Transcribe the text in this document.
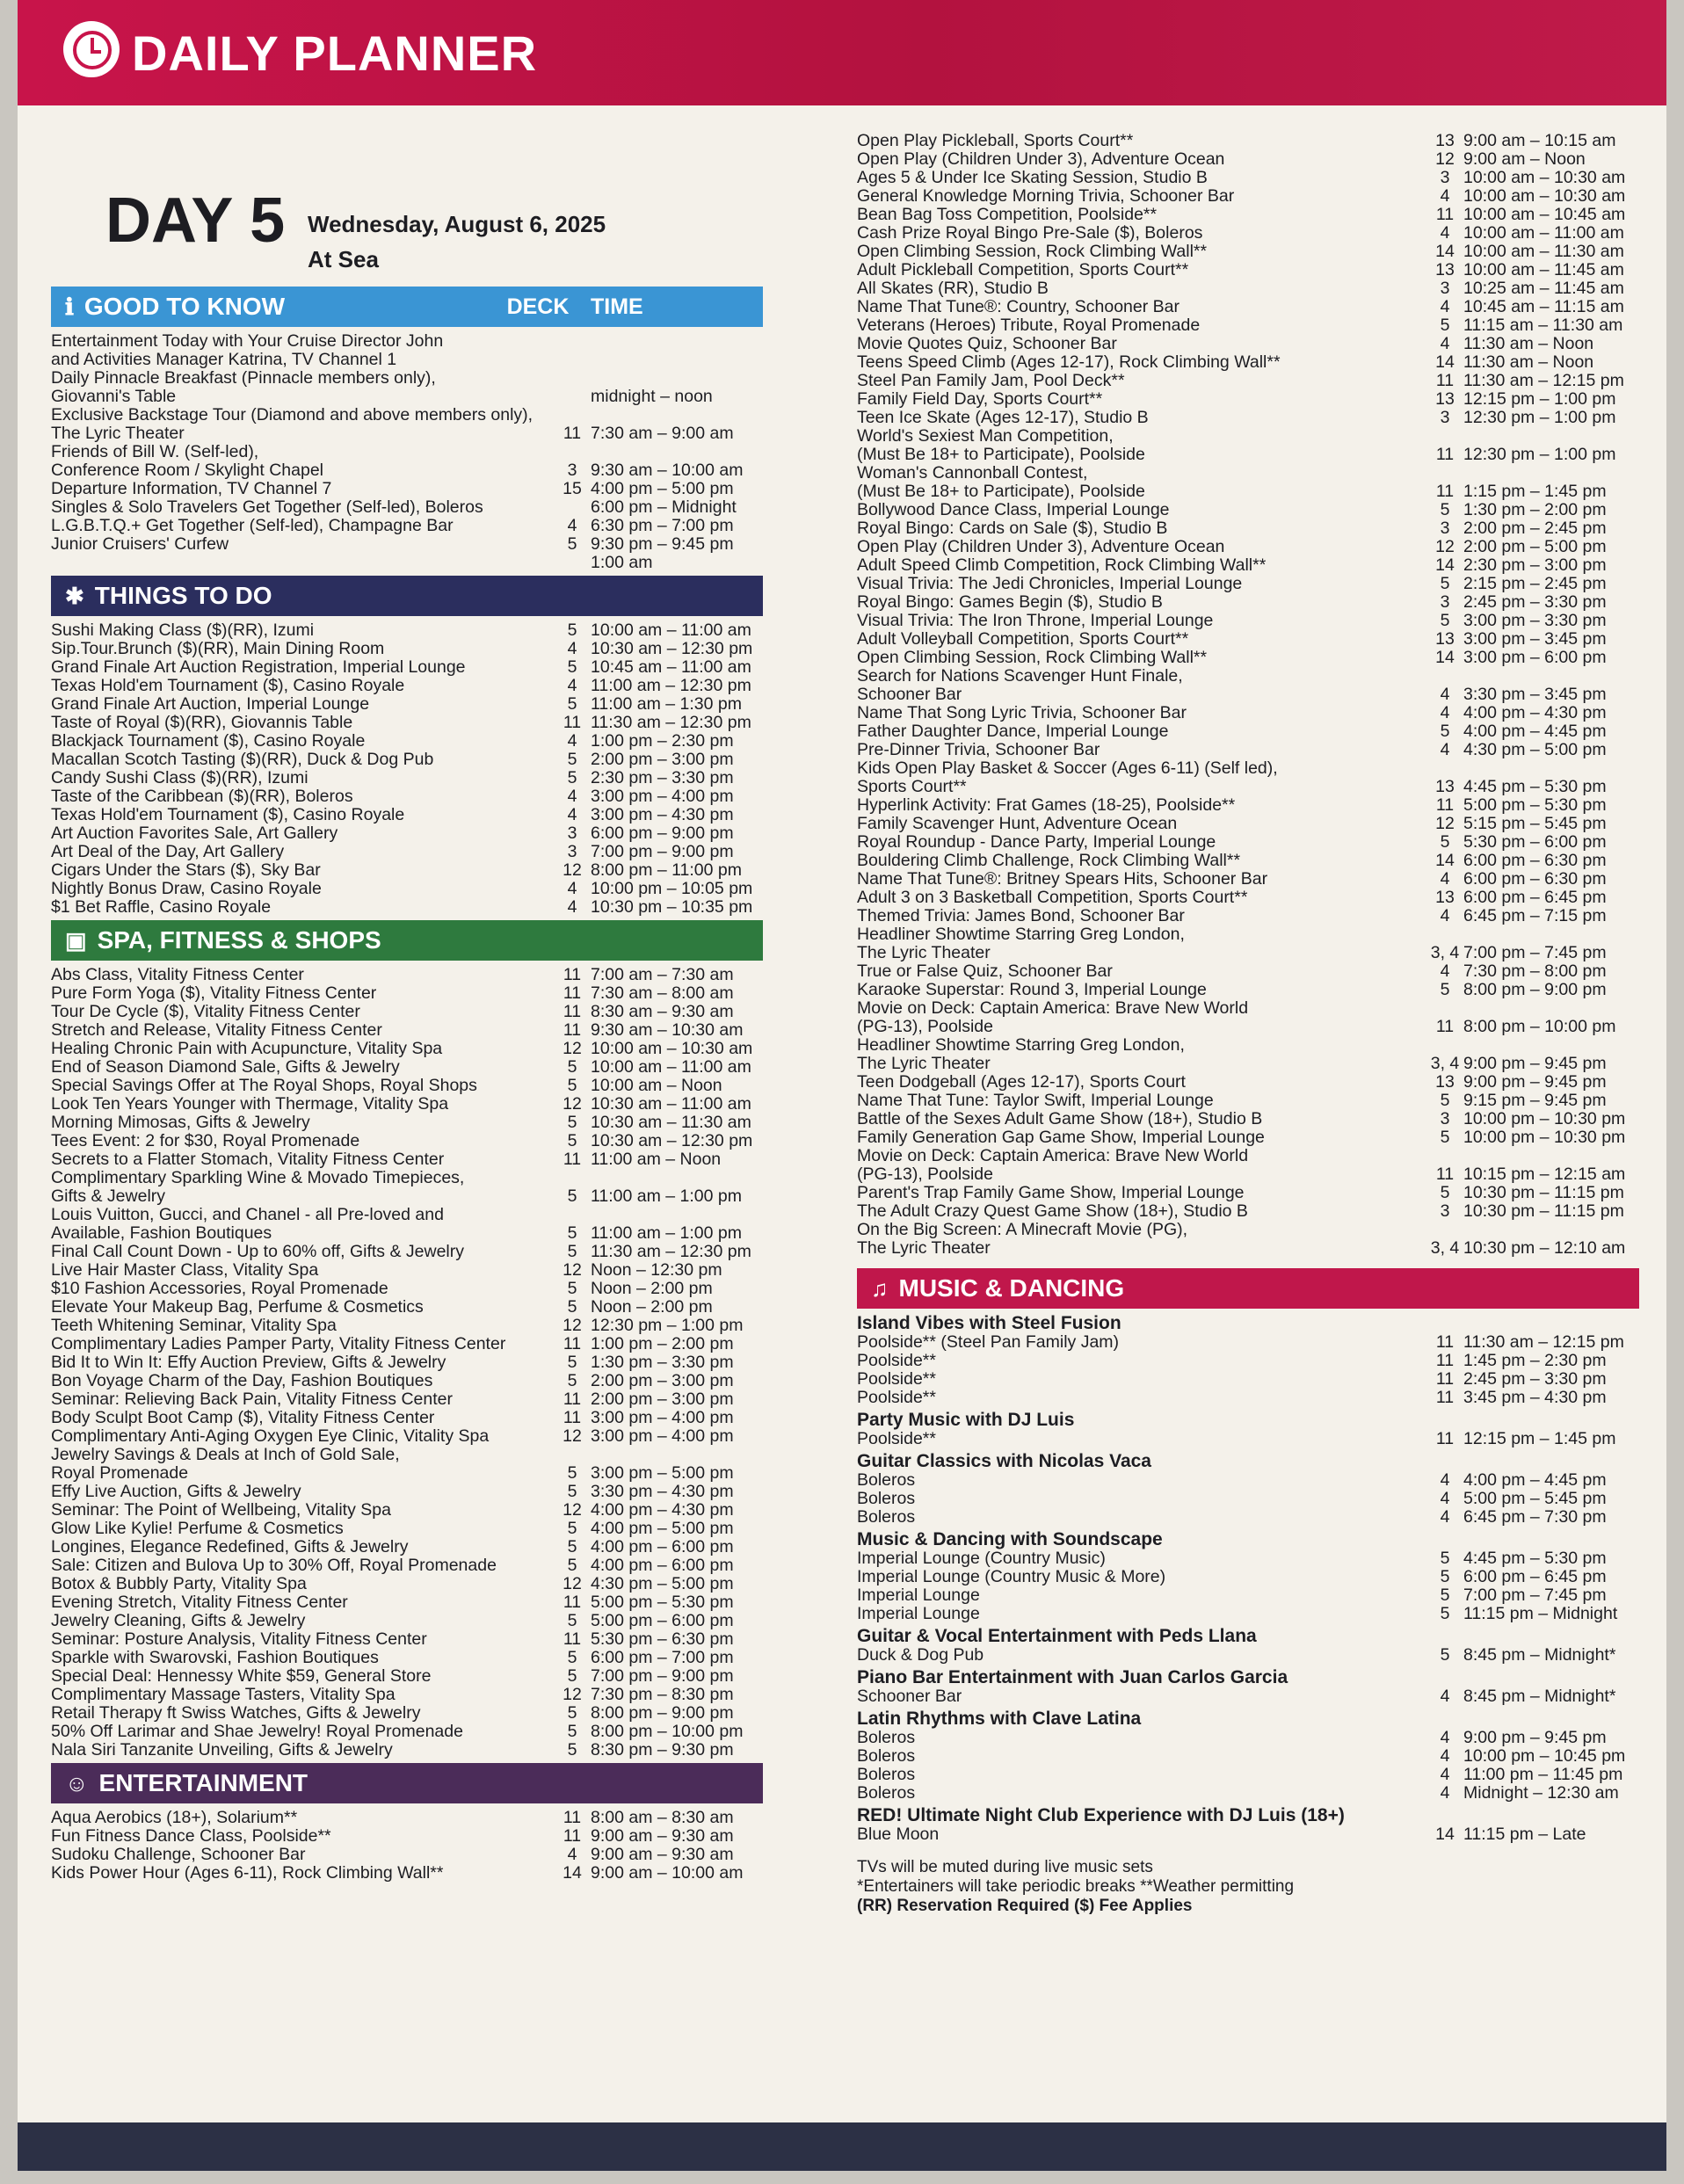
DAILY PLANNER
DAY 5 Wednesday, August 6, 2025
At Sea
ℹ GOOD TO KNOW	DECK TIME
Entertainment Today with Your Cruise Director John
and Activities Manager Katrina, TV Channel 1
Daily Pinnacle Breakfast (Pinnacle members only),
Giovanni's Table	midnight – noon
Exclusive Backstage Tour (Diamond and above members only),
The Lyric Theater	11 7:30 am – 9:00 am
Friends of Bill W. (Self-led),
Conference Room / Skylight Chapel	3 9:30 am – 10:00 am
Departure Information, TV Channel 7	15 4:00 pm – 5:00 pm
Singles & Solo Travelers Get Together (Self-led), Boleros	6:00 pm – Midnight
L.G.B.T.Q.+ Get Together (Self-led), Champagne Bar	4 6:30 pm – 7:00 pm
Junior Cruisers' Curfew	5 9:30 pm – 9:45 pm
1:00 am
✱ THINGS TO DO
Sushi Making Class ($)(RR), Izumi	5 10:00 am – 11:00 am
Sip.Tour.Brunch ($)(RR), Main Dining Room	4 10:30 am – 12:30 pm
Grand Finale Art Auction Registration, Imperial Lounge	5 10:45 am – 11:00 am
Texas Hold'em Tournament ($), Casino Royale	4 11:00 am – 12:30 pm
Grand Finale Art Auction, Imperial Lounge	5 11:00 am – 1:30 pm
Taste of Royal ($)(RR), Giovannis Table	11 11:30 am – 12:30 pm
Blackjack Tournament ($), Casino Royale	4 1:00 pm – 2:30 pm
Macallan Scotch Tasting ($)(RR), Duck & Dog Pub	5 2:00 pm – 3:00 pm
Candy Sushi Class ($)(RR), Izumi	5 2:30 pm – 3:30 pm
Taste of the Caribbean ($)(RR), Boleros	4 3:00 pm – 4:00 pm
Texas Hold'em Tournament ($), Casino Royale	4 3:00 pm – 4:30 pm
Art Auction Favorites Sale, Art Gallery	3 6:00 pm – 9:00 pm
Art Deal of the Day, Art Gallery	3 7:00 pm – 9:00 pm
Cigars Under the Stars ($), Sky Bar	12 8:00 pm – 11:00 pm
Nightly Bonus Draw, Casino Royale	4 10:00 pm – 10:05 pm
$1 Bet Raffle, Casino Royale	4 10:30 pm – 10:35 pm
▣ SPA, FITNESS & SHOPS
Abs Class, Vitality Fitness Center	11 7:00 am – 7:30 am
Pure Form Yoga ($), Vitality Fitness Center	11 7:30 am – 8:00 am
Tour De Cycle ($), Vitality Fitness Center	11 8:30 am – 9:30 am
Stretch and Release, Vitality Fitness Center	11 9:30 am – 10:30 am
Healing Chronic Pain with Acupuncture, Vitality Spa	12 10:00 am – 10:30 am
End of Season Diamond Sale, Gifts & Jewelry	5 10:00 am – 11:00 am
Special Savings Offer at The Royal Shops, Royal Shops	5 10:00 am – Noon
Look Ten Years Younger with Thermage, Vitality Spa	12 10:30 am – 11:00 am
Morning Mimosas, Gifts & Jewelry	5 10:30 am – 11:30 am
Tees Event: 2 for $30, Royal Promenade	5 10:30 am – 12:30 pm
Secrets to a Flatter Stomach, Vitality Fitness Center	11 11:00 am – Noon
Complimentary Sparkling Wine & Movado Timepieces,
Gifts & Jewelry	5 11:00 am – 1:00 pm
Louis Vuitton, Gucci, and Chanel - all Pre-loved and
Available, Fashion Boutiques	5 11:00 am – 1:00 pm
Final Call Count Down - Up to 60% off, Gifts & Jewelry	5 11:30 am – 12:30 pm
Live Hair Master Class, Vitality Spa	12 Noon – 12:30 pm
$10 Fashion Accessories, Royal Promenade	5 Noon – 2:00 pm
Elevate Your Makeup Bag, Perfume & Cosmetics	5 Noon – 2:00 pm
Teeth Whitening Seminar, Vitality Spa	12 12:30 pm – 1:00 pm
Complimentary Ladies Pamper Party, Vitality Fitness Center	11 1:00 pm – 2:00 pm
Bid It to Win It: Effy Auction Preview, Gifts & Jewelry	5 1:30 pm – 3:30 pm
Bon Voyage Charm of the Day, Fashion Boutiques	5 2:00 pm – 3:00 pm
Seminar: Relieving Back Pain, Vitality Fitness Center	11 2:00 pm – 3:00 pm
Body Sculpt Boot Camp ($), Vitality Fitness Center	11 3:00 pm – 4:00 pm
Complimentary Anti-Aging Oxygen Eye Clinic, Vitality Spa	12 3:00 pm – 4:00 pm
Jewelry Savings & Deals at Inch of Gold Sale,
Royal Promenade	5 3:00 pm – 5:00 pm
Effy Live Auction, Gifts & Jewelry	5 3:30 pm – 4:30 pm
Seminar: The Point of Wellbeing, Vitality Spa	12 4:00 pm – 4:30 pm
Glow Like Kylie! Perfume & Cosmetics	5 4:00 pm – 5:00 pm
Longines, Elegance Redefined, Gifts & Jewelry	5 4:00 pm – 6:00 pm
Sale: Citizen and Bulova Up to 30% Off, Royal Promenade	5 4:00 pm – 6:00 pm
Botox & Bubbly Party, Vitality Spa	12 4:30 pm – 5:00 pm
Evening Stretch, Vitality Fitness Center	11 5:00 pm – 5:30 pm
Jewelry Cleaning, Gifts & Jewelry	5 5:00 pm – 6:00 pm
Seminar: Posture Analysis, Vitality Fitness Center	11 5:30 pm – 6:30 pm
Sparkle with Swarovski, Fashion Boutiques	5 6:00 pm – 7:00 pm
Special Deal: Hennessy White $59, General Store	5 7:00 pm – 9:00 pm
Complimentary Massage Tasters, Vitality Spa	12 7:30 pm – 8:30 pm
Retail Therapy ft Swiss Watches, Gifts & Jewelry	5 8:00 pm – 9:00 pm
50% Off Larimar and Shae Jewelry! Royal Promenade	5 8:00 pm – 10:00 pm
Nala Siri Tanzanite Unveiling, Gifts & Jewelry	5 8:30 pm – 9:30 pm
☺ ENTERTAINMENT
Aqua Aerobics (18+), Solarium**	11 8:00 am – 8:30 am
Fun Fitness Dance Class, Poolside**	11 9:00 am – 9:30 am
Sudoku Challenge, Schooner Bar	4 9:00 am – 9:30 am
Kids Power Hour (Ages 6-11), Rock Climbing Wall**	14 9:00 am – 10:00 am
Open Play Pickleball, Sports Court**	13 9:00 am – 10:15 am
Open Play (Children Under 3), Adventure Ocean	12 9:00 am – Noon
Ages 5 & Under Ice Skating Session, Studio B	3 10:00 am – 10:30 am
General Knowledge Morning Trivia, Schooner Bar	4 10:00 am – 10:30 am
Bean Bag Toss Competition, Poolside**	11 10:00 am – 10:45 am
Cash Prize Royal Bingo Pre-Sale ($), Boleros	4 10:00 am – 11:00 am
Open Climbing Session, Rock Climbing Wall**	14 10:00 am – 11:30 am
Adult Pickleball Competition, Sports Court**	13 10:00 am – 11:45 am
All Skates (RR), Studio B	3 10:25 am – 11:45 am
Name That Tune®: Country, Schooner Bar	4 10:45 am – 11:15 am
Veterans (Heroes) Tribute, Royal Promenade	5 11:15 am – 11:30 am
Movie Quotes Quiz, Schooner Bar	4 11:30 am – Noon
Teens Speed Climb (Ages 12-17), Rock Climbing Wall**	14 11:30 am – Noon
Steel Pan Family Jam, Pool Deck**	11 11:30 am – 12:15 pm
Family Field Day, Sports Court**	13 12:15 pm – 1:00 pm
Teen Ice Skate (Ages 12-17), Studio B	3 12:30 pm – 1:00 pm
World's Sexiest Man Competition,
(Must Be 18+ to Participate), Poolside	11 12:30 pm – 1:00 pm
Woman's Cannonball Contest,
(Must Be 18+ to Participate), Poolside	11 1:15 pm – 1:45 pm
Bollywood Dance Class, Imperial Lounge	5 1:30 pm – 2:00 pm
Royal Bingo: Cards on Sale ($), Studio B	3 2:00 pm – 2:45 pm
Open Play (Children Under 3), Adventure Ocean	12 2:00 pm – 5:00 pm
Adult Speed Climb Competition, Rock Climbing Wall**	14 2:30 pm – 3:00 pm
Visual Trivia: The Jedi Chronicles, Imperial Lounge	5 2:15 pm – 2:45 pm
Royal Bingo: Games Begin ($), Studio B	3 2:45 pm – 3:30 pm
Visual Trivia: The Iron Throne, Imperial Lounge	5 3:00 pm – 3:30 pm
Adult Volleyball Competition, Sports Court**	13 3:00 pm – 3:45 pm
Open Climbing Session, Rock Climbing Wall**	14 3:00 pm – 6:00 pm
Search for Nations Scavenger Hunt Finale,
Schooner Bar	4 3:30 pm – 3:45 pm
Name That Song Lyric Trivia, Schooner Bar	4 4:00 pm – 4:30 pm
Father Daughter Dance, Imperial Lounge	5 4:00 pm – 4:45 pm
Pre-Dinner Trivia, Schooner Bar	4 4:30 pm – 5:00 pm
Kids Open Play Basket & Soccer (Ages 6-11) (Self led),
Sports Court**	13 4:45 pm – 5:30 pm
Hyperlink Activity: Frat Games (18-25), Poolside**	11 5:00 pm – 5:30 pm
Family Scavenger Hunt, Adventure Ocean	12 5:15 pm – 5:45 pm
Royal Roundup - Dance Party, Imperial Lounge	5 5:30 pm – 6:00 pm
Bouldering Climb Challenge, Rock Climbing Wall**	14 6:00 pm – 6:30 pm
Name That Tune®: Britney Spears Hits, Schooner Bar	4 6:00 pm – 6:30 pm
Adult 3 on 3 Basketball Competition, Sports Court**	13 6:00 pm – 6:45 pm
Themed Trivia: James Bond, Schooner Bar	4 6:45 pm – 7:15 pm
Headliner Showtime Starring Greg London,
The Lyric Theater	3, 4 7:00 pm – 7:45 pm
True or False Quiz, Schooner Bar	4 7:30 pm – 8:00 pm
Karaoke Superstar: Round 3, Imperial Lounge	5 8:00 pm – 9:00 pm
Movie on Deck: Captain America: Brave New World
(PG-13), Poolside	11 8:00 pm – 10:00 pm
Headliner Showtime Starring Greg London,
The Lyric Theater	3, 4 9:00 pm – 9:45 pm
Teen Dodgeball (Ages 12-17), Sports Court	13 9:00 pm – 9:45 pm
Name That Tune: Taylor Swift, Imperial Lounge	5 9:15 pm – 9:45 pm
Battle of the Sexes Adult Game Show (18+), Studio B	3 10:00 pm – 10:30 pm
Family Generation Gap Game Show, Imperial Lounge	5 10:00 pm – 10:30 pm
Movie on Deck: Captain America: Brave New World
(PG-13), Poolside	11 10:15 pm – 12:15 am
Parent's Trap Family Game Show, Imperial Lounge	5 10:30 pm – 11:15 pm
The Adult Crazy Quest Game Show (18+), Studio B	3 10:30 pm – 11:15 pm
On the Big Screen: A Minecraft Movie (PG),
The Lyric Theater	3, 4 10:30 pm – 12:10 am
♫ MUSIC & DANCING
Island Vibes with Steel Fusion
Poolside** (Steel Pan Family Jam)	11 11:30 am – 12:15 pm
Poolside**	11 1:45 pm – 2:30 pm
Poolside**	11 2:45 pm – 3:30 pm
Poolside**	11 3:45 pm – 4:30 pm
Party Music with DJ Luis
Poolside**	11 12:15 pm – 1:45 pm
Guitar Classics with Nicolas Vaca
Boleros	4 4:00 pm – 4:45 pm
Boleros	4 5:00 pm – 5:45 pm
Boleros	4 6:45 pm – 7:30 pm
Music & Dancing with Soundscape
Imperial Lounge (Country Music)	5 4:45 pm – 5:30 pm
Imperial Lounge (Country Music & More)	5 6:00 pm – 6:45 pm
Imperial Lounge	5 7:00 pm – 7:45 pm
Imperial Lounge	5 11:15 pm – Midnight
Guitar & Vocal Entertainment with Peds Llana
Duck & Dog Pub	5 8:45 pm – Midnight*
Piano Bar Entertainment with Juan Carlos Garcia
Schooner Bar	4 8:45 pm – Midnight*
Latin Rhythms with Clave Latina
Boleros	4 9:00 pm – 9:45 pm
Boleros	4 10:00 pm – 10:45 pm
Boleros	4 11:00 pm – 11:45 pm
Boleros	4 Midnight – 12:30 am
RED! Ultimate Night Club Experience with DJ Luis (18+)
Blue Moon	14 11:15 pm – Late
TVs will be muted during live music sets
*Entertainers will take periodic breaks **Weather permitting
(RR) Reservation Required ($) Fee Applies
